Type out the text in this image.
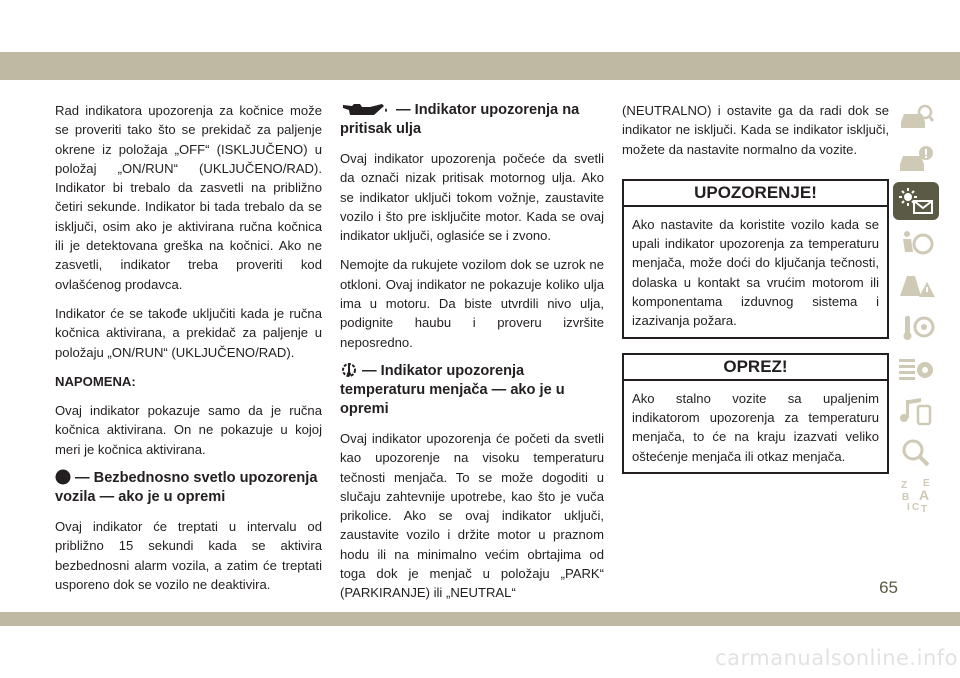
Rad indikatora upozorenja za kočnice može se proveriti tako što se prekidač za paljenje okrene iz položaja „OFF“ (ISKLJUČENO) u položaj „ON/RUN“ (UKLJUČENO/RAD). Indikator bi trebalo da zasvetli na približno četiri sekunde. Indikator bi tada trebalo da se isključi, osim ako je aktivirana ručna kočnica ili je detektovana greška na kočnici. Ako ne zasvetli, indikator treba proveriti kod ovlašćenog prodavca.

Indikator će se takođe uključiti kada je ručna kočnica aktivirana, a prekidač za paljenje u položaju „ON/RUN“ (UKLJUČENO/RAD).

NAPOMENA:

Ovaj indikator pokazuje samo da je ručna kočnica aktivirana. On ne pokazuje u kojoj meri je kočnica aktivirana.

— Bezbednosno svetlo upozorenja vozila — ako je u opremi

Ovaj indikator će treptati u intervalu od približno 15 sekundi kada se aktivira bezbednosni alarm vozila, a zatim će treptati usporeno dok se vozilo ne deaktivira.

— Indikator upozorenja na pritisak ulja

Ovaj indikator upozorenja počeće da svetli da označi nizak pritisak motornog ulja. Ako se indikator uključi tokom vožnje, zaustavite vozilo i što pre isključite motor. Kada se ovaj indikator uključi, oglasiće se i zvono.

Nemojte da rukujete vozilom dok se uzrok ne otkloni. Ovaj indikator ne pokazuje koliko ulja ima u motoru. Da biste utvrdili nivo ulja, podignite haubu i proveru izvršite neposredno.

— Indikator upozorenja temperaturu menjača — ako je u opremi

Ovaj indikator upozorenja će početi da svetli kao upozorenje na visoku temperaturu tečnosti menjača. To se može dogoditi u slučaju zahtevnije upotrebe, kao što je vuča prikolice. Ako se ovaj indikator uključi, zaustavite vozilo i držite motor u praznom hodu ili na minimalno većim obrtajima od toga dok je menjač u položaju „PARK“ (PARKIRANJE) ili „NEUTRAL“

(NEUTRALNO) i ostavite ga da radi dok se indikator ne isključi. Kada se indikator isključi, možete da nastavite normalno da vozite.

UPOZORENJE!
Ako nastavite da koristite vozilo kada se upali indikator upozorenja za temperaturu menjača, može doći do ključanja tečnosti, dolaska u kontakt sa vrućim motorom ili komponentama izduvnog sistema i izazivanja požara.
OPREZ!
Ako stalno vozite sa upaljenim indikatorom upozorenja za temperaturu menjača, to će na kraju izazvati veliko oštećenje menjača ili otkaz menjača.
Z E
B A
I C T
65
carmanualsonline.info
